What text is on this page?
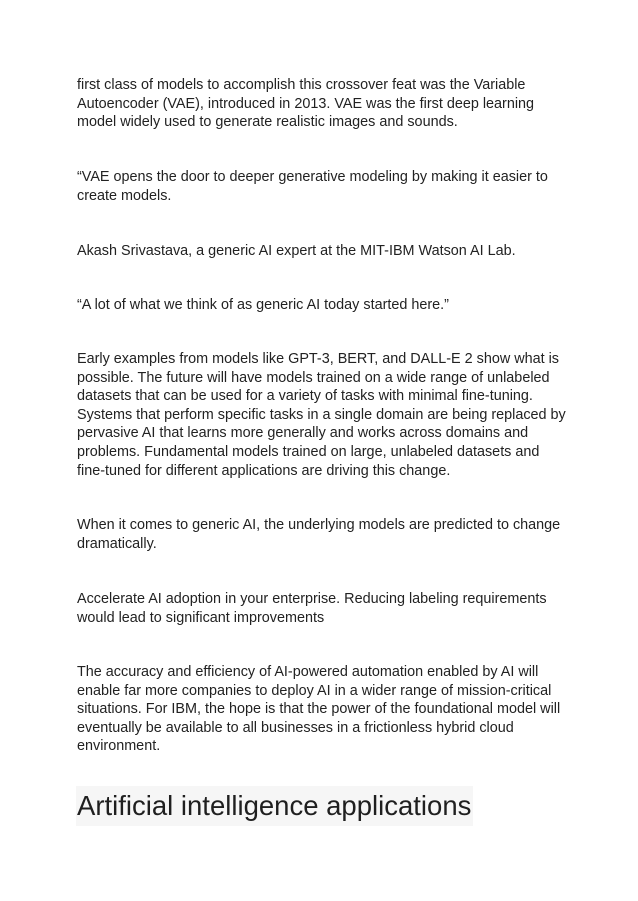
first class of models to accomplish this crossover feat was the Variable
Autoencoder (VAE), introduced in 2013. VAE was the first deep learning
model widely used to generate realistic images and sounds.

“VAE opens the door to deeper generative modeling by making it easier to
create models.

Akash Srivastava, a generic AI expert at the MIT-IBM Watson AI Lab.

“A lot of what we think of as generic AI today started here.”

Early examples from models like GPT-3, BERT, and DALL-E 2 show what is
possible. The future will have models trained on a wide range of unlabeled
datasets that can be used for a variety of tasks with minimal fine-tuning.
Systems that perform specific tasks in a single domain are being replaced by
pervasive AI that learns more generally and works across domains and
problems. Fundamental models trained on large, unlabeled datasets and
fine-tuned for different applications are driving this change.

When it comes to generic AI, the underlying models are predicted to change
dramatically.

Accelerate AI adoption in your enterprise. Reducing labeling requirements
would lead to significant improvements

The accuracy and efficiency of AI-powered automation enabled by AI will
enable far more companies to deploy AI in a wider range of mission-critical
situations. For IBM, the hope is that the power of the foundational model will
eventually be available to all businesses in a frictionless hybrid cloud
environment.

Artificial intelligence applications
